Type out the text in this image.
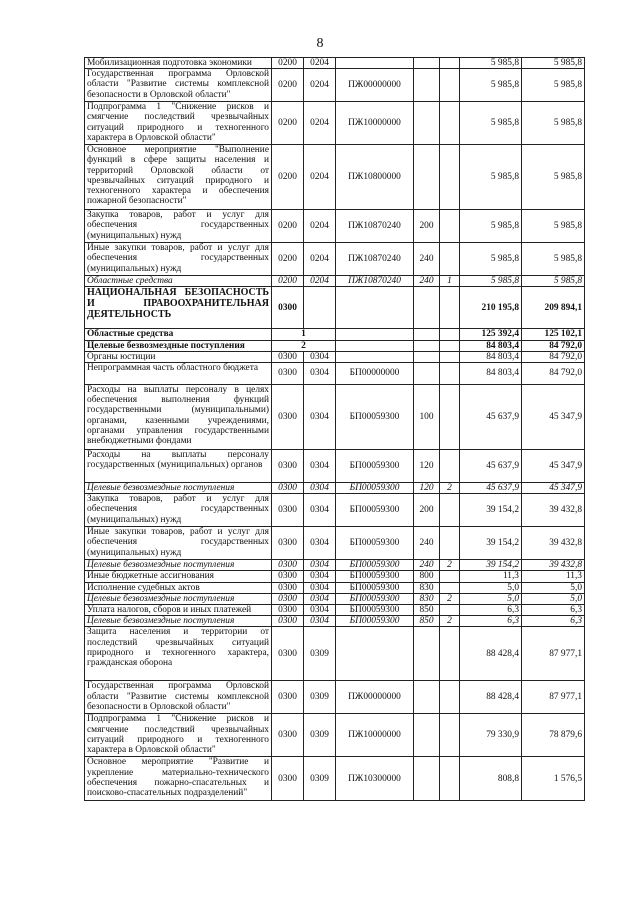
8
Мобилизационная подготовка экономики	0200	0204				5 985,8	5 985,8
Государственная программа Орловской области "Развитие системы комплексной безопасности в Орловской области"	0200	0204	ПЖ00000000			5 985,8	5 985,8
Подпрограмма 1 "Снижение рисков и смягчение последствий чрезвычайных ситуаций природного и техногенного характера в Орловской области"	0200	0204	ПЖ10000000			5 985,8	5 985,8
Основное мероприятие "Выполнение функций в сфере защиты населения и территорий Орловской области от чрезвычайных ситуаций природного и техногенного характера и обеспечения пожарной безопасности"	0200	0204	ПЖ10800000			5 985,8	5 985,8
Закупка товаров, работ и услуг для обеспечения государственных (муниципальных) нужд	0200	0204	ПЖ10870240	200		5 985,8	5 985,8
Иные закупки товаров, работ и услуг для обеспечения государственных (муниципальных) нужд	0200	0204	ПЖ10870240	240		5 985,8	5 985,8
Областные средства	0200	0204	ПЖ10870240	240	1	5 985,8	5 985,8
НАЦИОНАЛЬНАЯ БЕЗОПАСНОСТЬ И ПРАВООХРАНИТЕЛЬНАЯ ДЕЯТЕЛЬНОСТЬ	0300					210 195,8	209 894,1
Областные средства	1					125 392,4	125 102,1
Целевые безвозмездные поступления	2					84 803,4	84 792,0
Органы юстиции	0300	0304				84 803,4	84 792,0
Непрограммная часть областного бюджета	0300	0304	БП00000000			84 803,4	84 792,0
Расходы на выплаты персоналу в целях обеспечения выполнения функций государственными (муниципальными) органами, казенными учреждениями, органами управления государственными внебюджетными фондами	0300	0304	БП00059300	100		45 637,9	45 347,9
Расходы на выплаты персоналу государственных (муниципальных) органов	0300	0304	БП00059300	120		45 637,9	45 347,9
Целевые безвозмездные поступления	0300	0304	БП00059300	120	2	45 637,9	45 347,9
Закупка товаров, работ и услуг для обеспечения государственных (муниципальных) нужд	0300	0304	БП00059300	200		39 154,2	39 432,8
Иные закупки товаров, работ и услуг для обеспечения государственных (муниципальных) нужд	0300	0304	БП00059300	240		39 154,2	39 432,8
Целевые безвозмездные поступления	0300	0304	БП00059300	240	2	39 154,2	39 432,8
Иные бюджетные ассигнования	0300	0304	БП00059300	800		11,3	11,3
Исполнение судебных актов	0300	0304	БП00059300	830		5,0	5,0
Целевые безвозмездные поступления	0300	0304	БП00059300	830	2	5,0	5,0
Уплата налогов, сборов и иных платежей	0300	0304	БП00059300	850		6,3	6,3
Целевые безвозмездные поступления	0300	0304	БП00059300	850	2	6,3	6,3
Защита населения и территории от последствий чрезвычайных ситуаций природного и техногенного характера, гражданская оборона	0300	0309				88 428,4	87 977,1
Государственная программа Орловской области "Развитие системы комплексной безопасности в Орловской области"	0300	0309	ПЖ00000000			88 428,4	87 977,1
Подпрограмма 1 "Снижение рисков и смягчение последствий чрезвычайных ситуаций природного и техногенного характера в Орловской области"	0300	0309	ПЖ10000000			79 330,9	78 879,6
Основное мероприятие "Развитие и укрепление материально-технического обеспечения пожарно-спасательных и поисково-спасательных подразделений"	0300	0309	ПЖ10300000			808,8	1 576,5
